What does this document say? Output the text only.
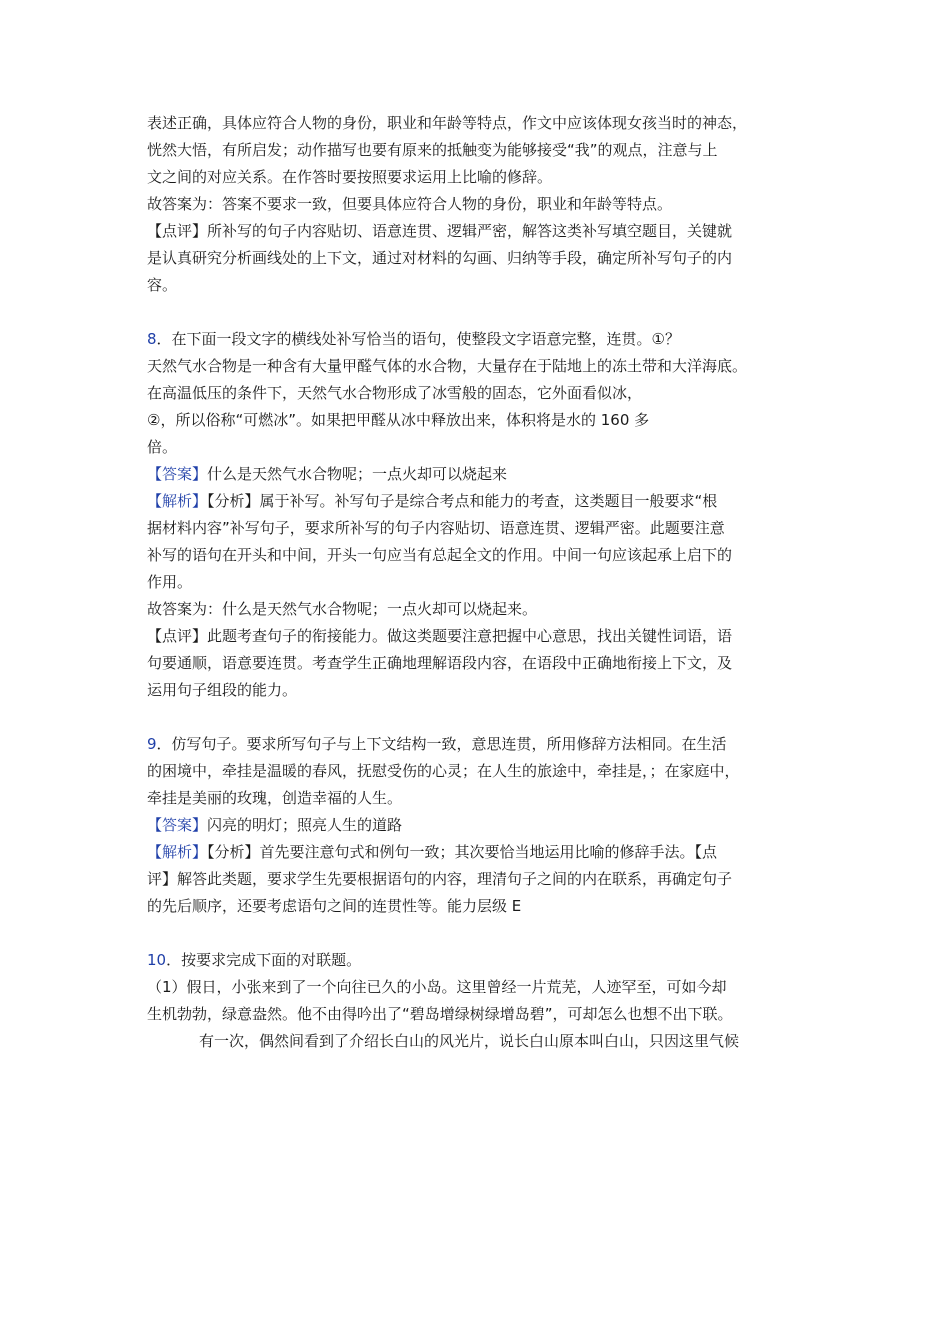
表述正确，具体应符合人物的身份，职业和年龄等特点，作文中应该体现女孩当时的神态，
恍然大悟，有所启发；动作描写也要有原来的抵触变为能够接受“我”的观点，注意与上
文之间的对应关系。在作答时要按照要求运用上比喻的修辞。
故答案为：答案不要求一致，但要具体应符合人物的身份，职业和年龄等特点。
【点评】所补写的句子内容贴切、语意连贯、逻辑严密，解答这类补写填空题目，关键就
是认真研究分析画线处的上下文，通过对材料的勾画、归纳等手段，确定所补写句子的内
容。
8．在下面一段文字的横线处补写恰当的语句，使整段文字语意完整，连贯。①？
天然气水合物是一种含有大量甲醛气体的水合物，大量存在于陆地上的冻土带和大洋海底。
在高温低压的条件下，天然气水合物形成了冰雪般的固态，它外面看似冰，
②，所以俗称“可燃冰”。如果把甲醛从冰中释放出来，体积将是水的 160 多
倍。
【答案】什么是天然气水合物呢；一点火却可以烧起来
【解析】【分析】属于补写。补写句子是综合考点和能力的考查，这类题目一般要求“根
据材料内容”补写句子，要求所补写的句子内容贴切、语意连贯、逻辑严密。此题要注意
补写的语句在开头和中间，开头一句应当有总起全文的作用。中间一句应该起承上启下的
作用。
故答案为：什么是天然气水合物呢；一点火却可以烧起来。
【点评】此题考查句子的衔接能力。做这类题要注意把握中心意思，找出关键性词语，语
句要通顺，语意要连贯。考查学生正确地理解语段内容，在语段中正确地衔接上下文，及
运用句子组段的能力。
9．仿写句子。要求所写句子与上下文结构一致，意思连贯，所用修辞方法相同。在生活
的困境中，牵挂是温暖的春风，抚慰受伤的心灵；在人生的旅途中，牵挂是，；在家庭中，
牵挂是美丽的玫瑰，创造幸福的人生。
【答案】闪亮的明灯；照亮人生的道路
【解析】【分析】首先要注意句式和例句一致；其次要恰当地运用比喻的修辞手法。【点
评】解答此类题，要求学生先要根据语句的内容，理清句子之间的内在联系，再确定句子
的先后顺序，还要考虑语句之间的连贯性等。能力层级 E
10．按要求完成下面的对联题。
（1）假日，小张来到了一个向往已久的小岛。这里曾经一片荒芜，人迹罕至，可如今却
生机勃勃，绿意盎然。他不由得吟出了“碧岛增绿树绿增岛碧”，可却怎么也想不出下联。
有一次，偶然间看到了介绍长白山的风光片，说长白山原本叫白山，只因这里气候
